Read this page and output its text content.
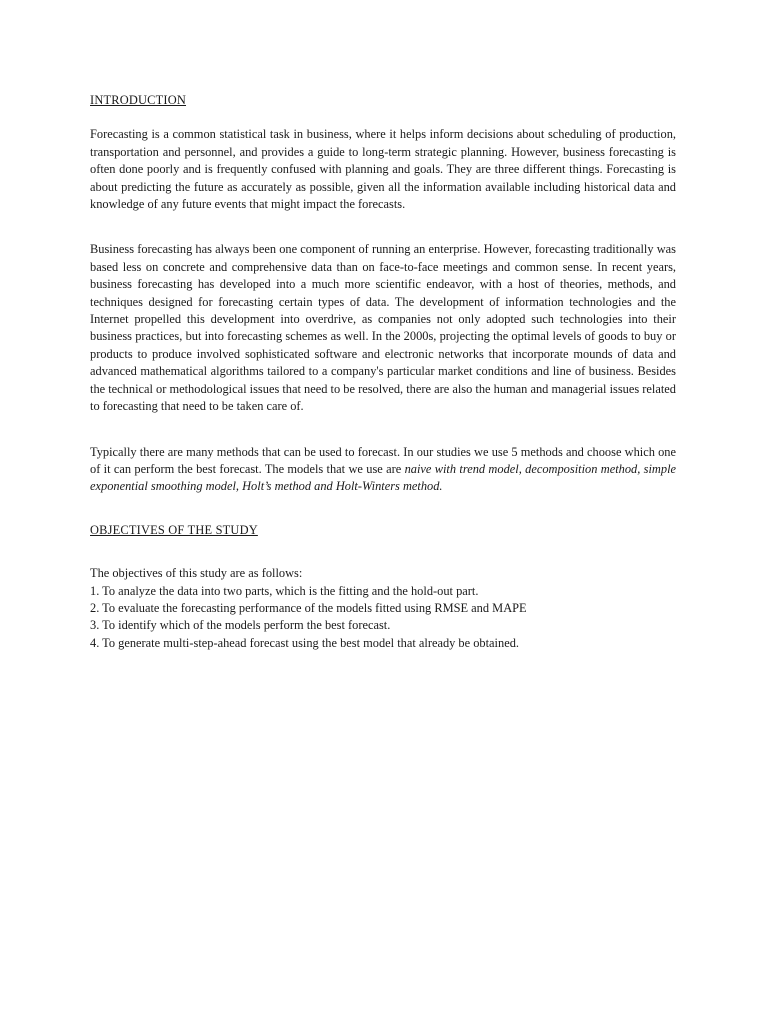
INTRODUCTION

Forecasting is a common statistical task in business, where it helps inform decisions about scheduling of production, transportation and personnel, and provides a guide to long-term strategic planning. However, business forecasting is often done poorly and is frequently confused with planning and goals. They are three different things. Forecasting is about predicting the future as accurately as possible, given all the information available including historical data and knowledge of any future events that might impact the forecasts.

Business forecasting has always been one component of running an enterprise. However, forecasting traditionally was based less on concrete and comprehensive data than on face-to-face meetings and common sense. In recent years, business forecasting has developed into a much more scientific endeavor, with a host of theories, methods, and techniques designed for forecasting certain types of data. The development of information technologies and the Internet propelled this development into overdrive, as companies not only adopted such technologies into their business practices, but into forecasting schemes as well. In the 2000s, projecting the optimal levels of goods to buy or products to produce involved sophisticated software and electronic networks that incorporate mounds of data and advanced mathematical algorithms tailored to a company's particular market conditions and line of business. Besides the technical or methodological issues that need to be resolved, there are also the human and managerial issues related to forecasting that need to be taken care of.

Typically there are many methods that can be used to forecast. In our studies we use 5 methods and choose which one of it can perform the best forecast. The models that we use are naive with trend model, decomposition method, simple exponential smoothing model, Holt’s method and Holt-Winters method.

OBJECTIVES OF THE STUDY

The objectives of this study are as follows:

1. To analyze the data into two parts, which is the fitting and the hold-out part.
2. To evaluate the forecasting performance of the models fitted using RMSE and MAPE
3. To identify which of the models perform the best forecast.
4. To generate multi-step-ahead forecast using the best model that already be obtained.
